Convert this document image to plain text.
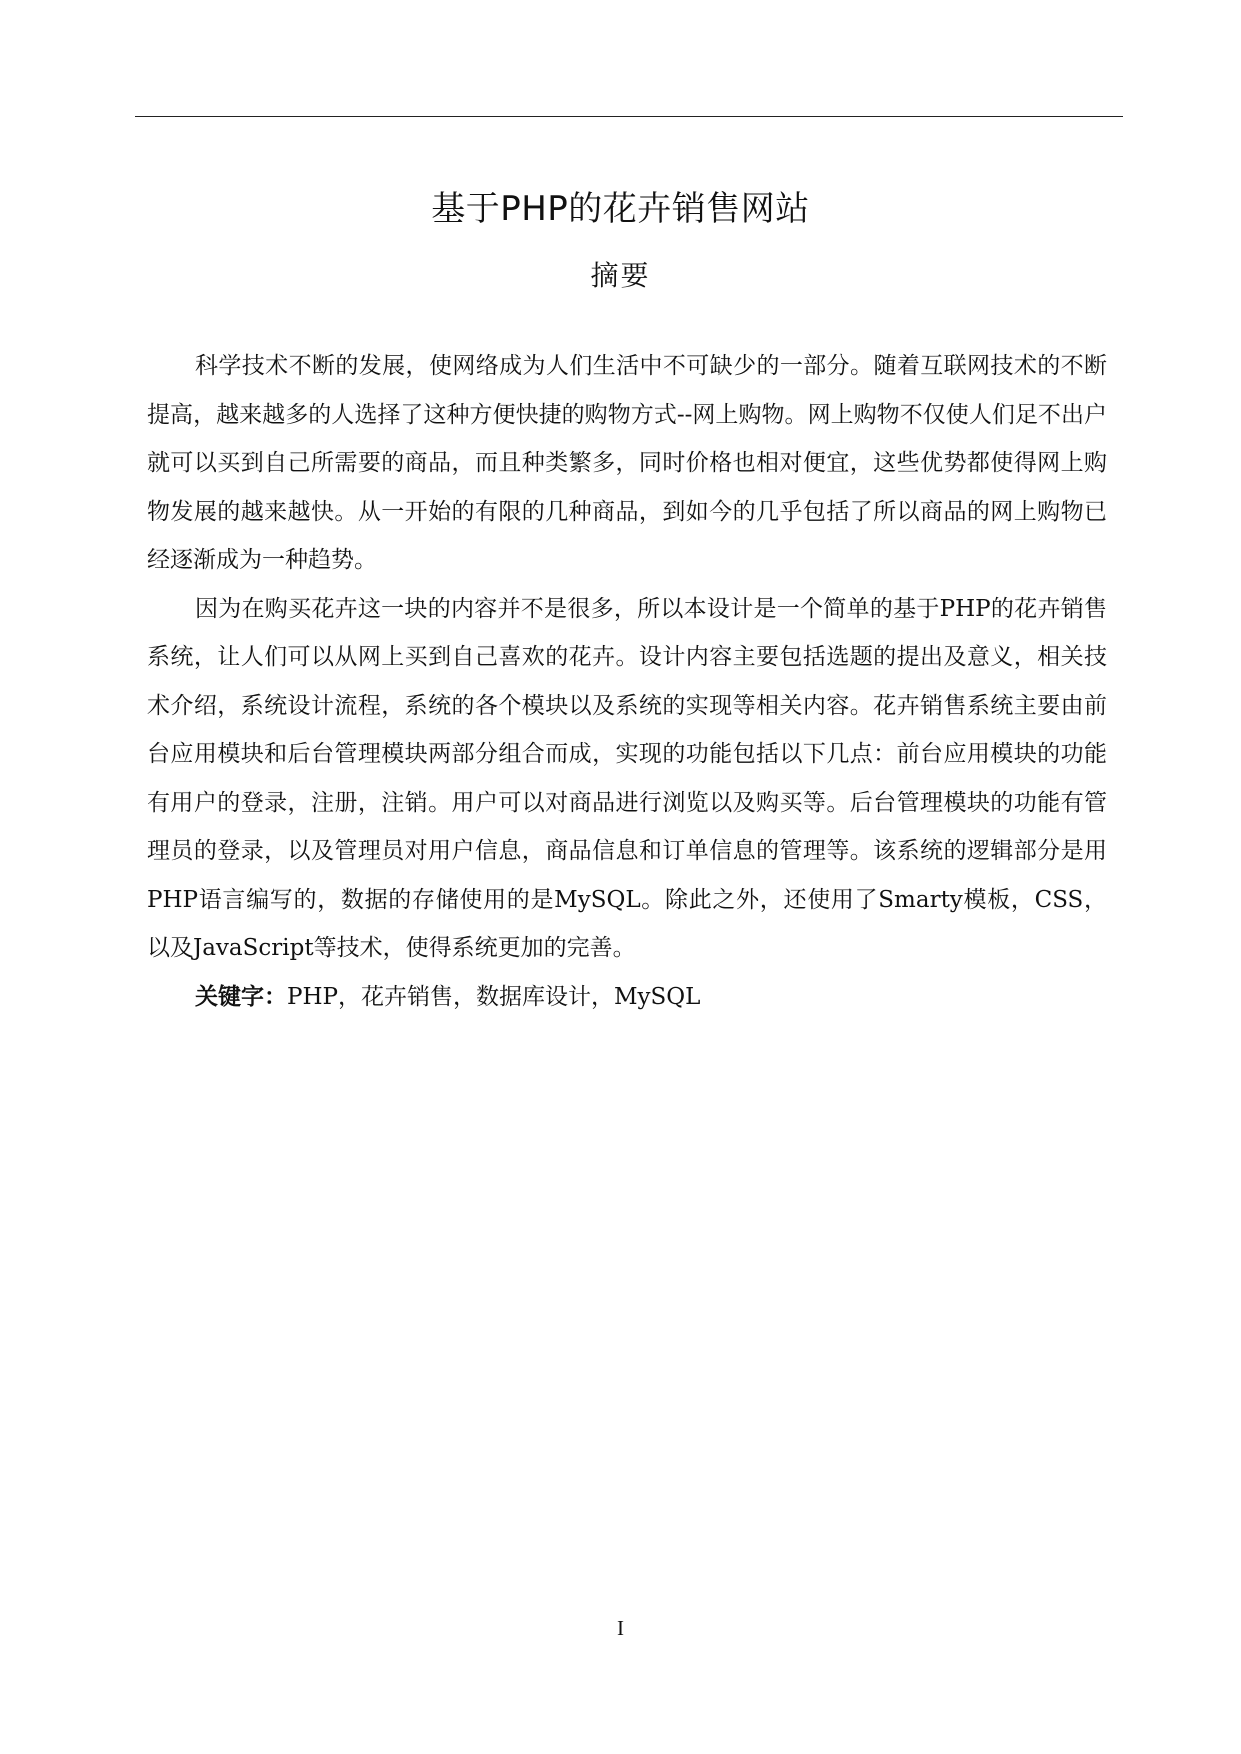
基于PHP的花卉销售网站
摘要

科学技术不断的发展，使网络成为人们生活中不可缺少的一部分。随着互联网技术的不断提高，越来越多的人选择了这种方便快捷的购物方式--网上购物。网上购物不仅使人们足不出户就可以买到自己所需要的商品，而且种类繁多，同时价格也相对便宜，这些优势都使得网上购物发展的越来越快。从一开始的有限的几种商品，到如今的几乎包括了所以商品的网上购物已经逐渐成为一种趋势。

因为在购买花卉这一块的内容并不是很多，所以本设计是一个简单的基于PHP的花卉销售系统，让人们可以从网上买到自己喜欢的花卉。设计内容主要包括选题的提出及意义，相关技术介绍，系统设计流程，系统的各个模块以及系统的实现等相关内容。花卉销售系统主要由前台应用模块和后台管理模块两部分组合而成，实现的功能包括以下几点：前台应用模块的功能有用户的登录，注册，注销。用户可以对商品进行浏览以及购买等。后台管理模块的功能有管理员的登录，以及管理员对用户信息，商品信息和订单信息的管理等。该系统的逻辑部分是用PHP语言编写的，数据的存储使用的是MySQL。除此之外，还使用了Smarty模板，CSS，以及JavaScript等技术，使得系统更加的完善。

关键字：PHP，花卉销售，数据库设计，MySQL

I
